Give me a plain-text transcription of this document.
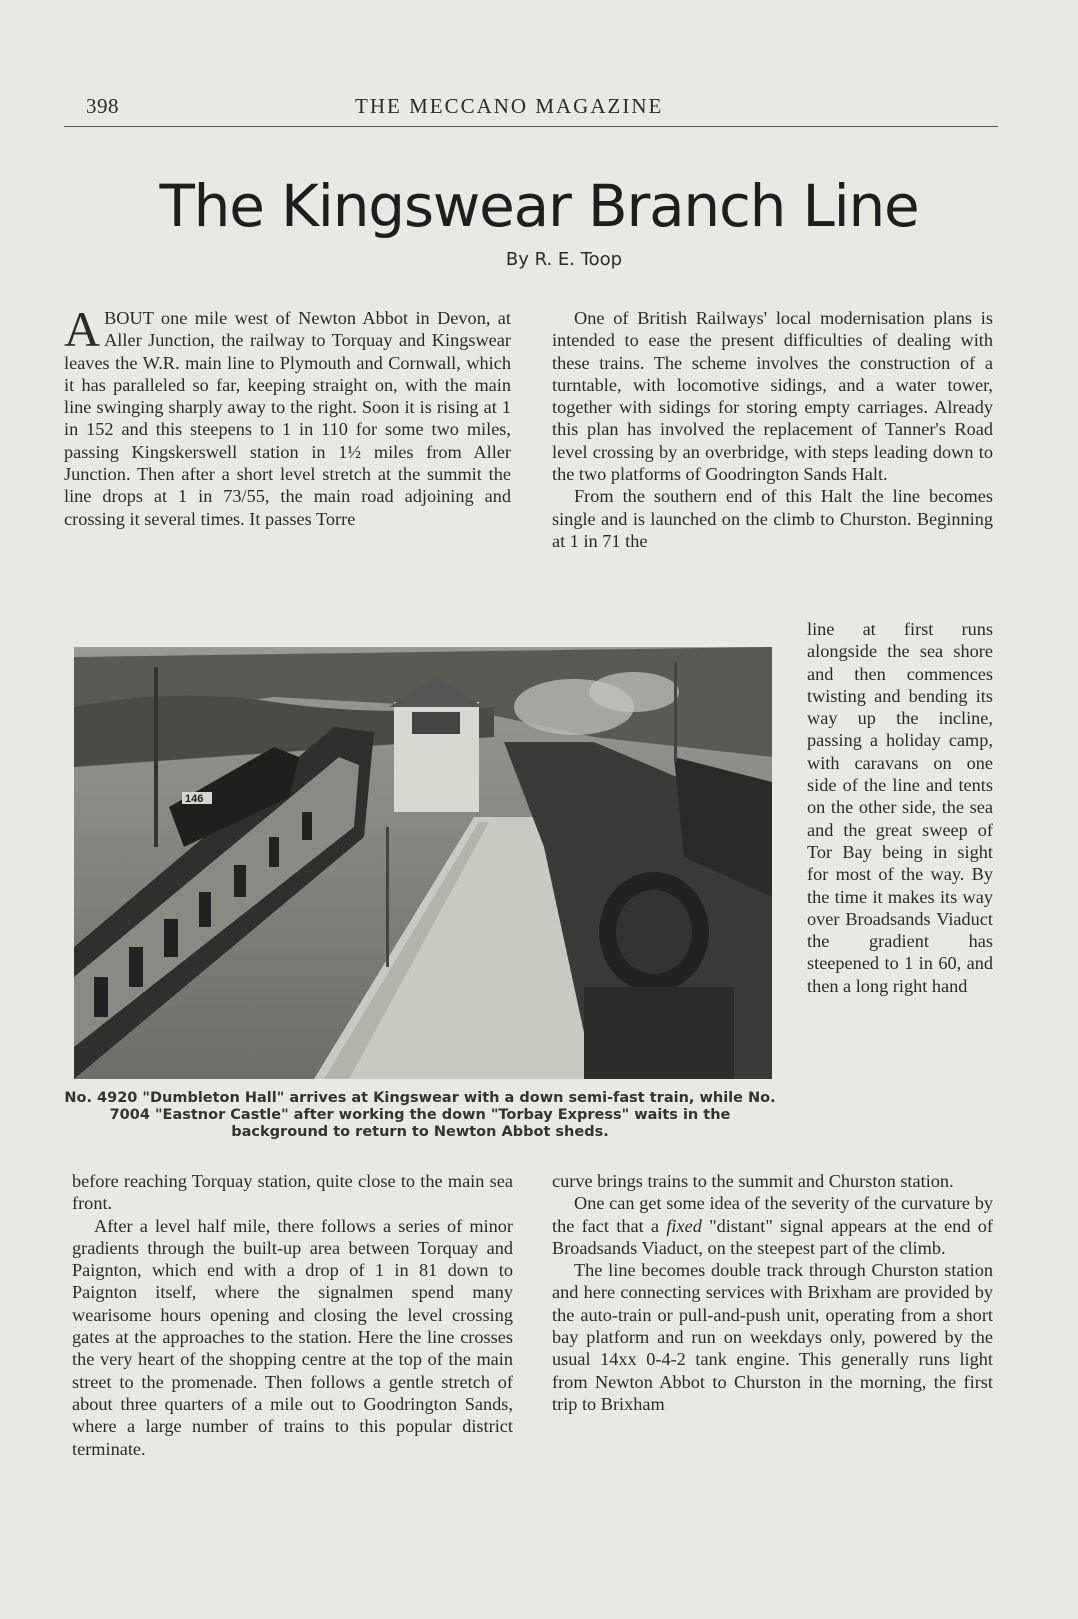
398	THE MECCANO MAGAZINE
The Kingswear Branch Line
By R. E. Toop

ABOUT one mile west of Newton Abbot in Devon, at Aller Junction, the railway to Torquay and Kingswear leaves the W.R. main line to Plymouth and Cornwall, which it has paralleled so far, keeping straight on, with the main line swinging sharply away to the right. Soon it is rising at 1 in 152 and this steepens to 1 in 110 for some two miles, passing Kingskerswell station in 1½ miles from Aller Junction. Then after a short level stretch at the summit the line drops at 1 in 73/55, the main road adjoining and crossing it several times. It passes Torre

One of British Railways' local modernisation plans is intended to ease the present difficulties of dealing with these trains. The scheme involves the construction of a turntable, with locomotive sidings, and a water tower, together with sidings for storing empty carriages. Already this plan has involved the replacement of Tanner's Road level crossing by an overbridge, with steps leading down to the two platforms of Goodrington Sands Halt.

From the southern end of this Halt the line becomes single and is launched on the climb to Churston. Beginning at 1 in 71 the

line at first runs alongside the sea shore and then commences twisting and bending its way up the incline, passing a holiday camp, with caravans on one side of the line and tents on the other side, the sea and the great sweep of Tor Bay being in sight for most of the way. By the time it makes its way over Broadsands Viaduct the gradient has steepened to 1 in 60, and then a long right hand

146
No. 4920 "Dumbleton Hall" arrives at Kingswear with a down semi-fast train, while No. 7004 "Eastnor Castle" after working the down "Torbay Express" waits in the background to return to Newton Abbot sheds.

before reaching Torquay station, quite close to the main sea front.

After a level half mile, there follows a series of minor gradients through the built-up area between Torquay and Paignton, which end with a drop of 1 in 81 down to Paignton itself, where the signalmen spend many wearisome hours opening and closing the level crossing gates at the approaches to the station. Here the line crosses the very heart of the shopping centre at the top of the main street to the promenade. Then follows a gentle stretch of about three quarters of a mile out to Goodrington Sands, where a large number of trains to this popular district terminate.

curve brings trains to the summit and Churston station.

One can get some idea of the severity of the curvature by the fact that a fixed "distant" signal appears at the end of Broadsands Viaduct, on the steepest part of the climb.

The line becomes double track through Churston station and here connecting services with Brixham are provided by the auto-train or pull-and-push unit, operating from a short bay platform and run on weekdays only, powered by the usual 14xx 0-4-2 tank engine. This generally runs light from Newton Abbot to Churston in the morning, the first trip to Brixham
